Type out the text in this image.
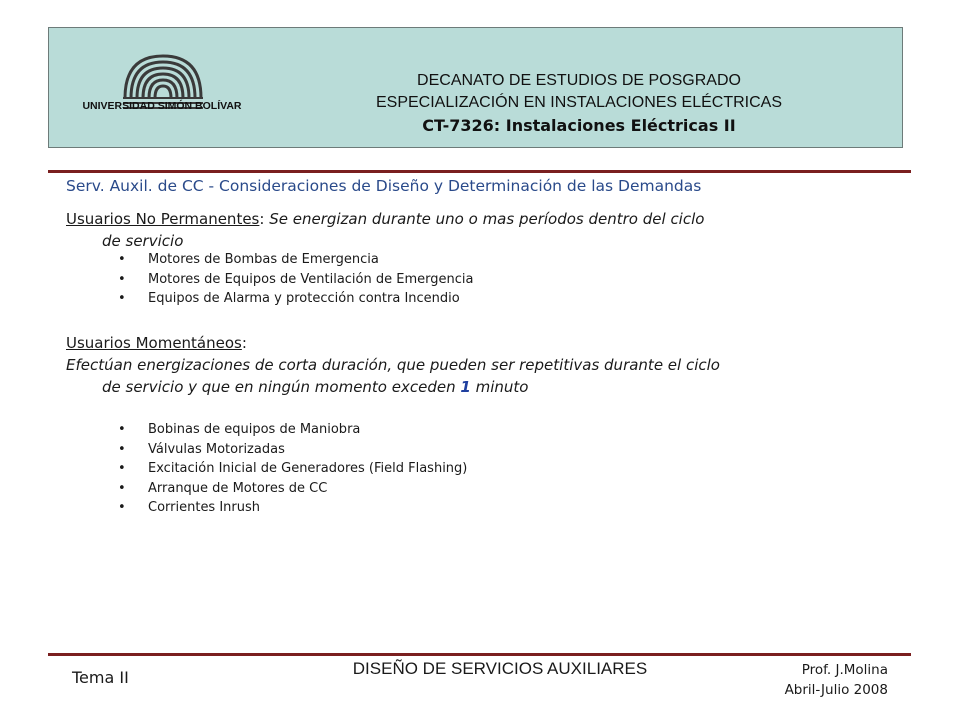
UNIVERSIDAD SIMÓN BOLÍVAR
DECANATO DE ESTUDIOS DE POSGRADO
ESPECIALIZACIÓN EN INSTALACIONES ELÉCTRICAS
CT-7326: Instalaciones Eléctricas II
Serv. Auxil. de CC - Consideraciones de Diseño y Determinación de las Demandas
Usuarios No Permanentes: Se energizan durante uno o mas períodos dentro del ciclo
de servicio
• Motores de Bombas de Emergencia
• Motores de Equipos de Ventilación de Emergencia
• Equipos de Alarma y protección contra Incendio
Usuarios Momentáneos:
Efectúan energizaciones de corta duración, que pueden ser repetitivas durante el ciclo
de servicio y que en ningún momento exceden 1 minuto
• Bobinas de equipos de Maniobra
• Válvulas Motorizadas
• Excitación Inicial de Generadores (Field Flashing)
• Arranque de Motores de CC
• Corrientes Inrush
Tema II	DISEÑO DE SERVICIOS AUXILIARES	Prof. J.Molina
Abril-Julio 2008
